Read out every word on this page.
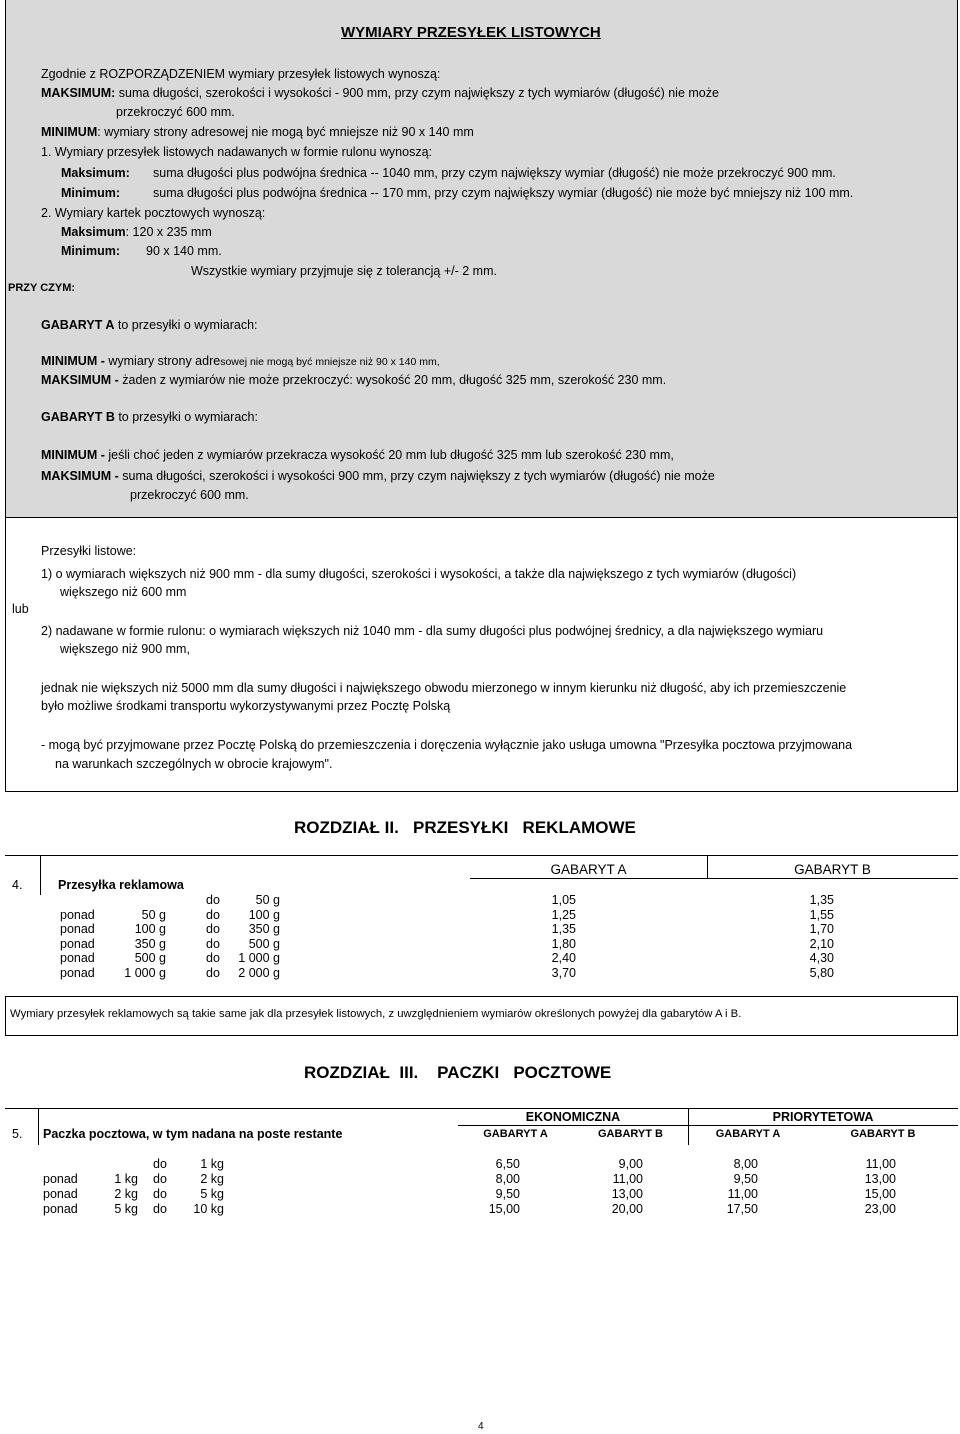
WYMIARY PRZESYŁEK LISTOWYCH
Zgodnie z ROZPORZĄDZENIEM wymiary przesyłek listowych wynoszą:
MAKSIMUM: suma długości, szerokości i wysokości - 900 mm, przy czym największy z tych wymiarów (długość) nie może
przekroczyć 600 mm.
MINIMUM: wymiary strony adresowej nie mogą być mniejsze niż 90 x 140 mm
1. Wymiary przesyłek listowych nadawanych w formie rulonu wynoszą:
Maksimum: suma długości plus podwójna średnica -- 1040 mm, przy czym największy wymiar (długość) nie może przekroczyć 900 mm.
Minimum:	suma długości plus podwójna średnica -- 170 mm, przy czym największy wymiar (długość) nie może być mniejszy niż 100 mm.
2. Wymiary kartek pocztowych wynoszą:
Maksimum: 120 x 235 mm
Minimum: 90 x 140 mm.
Wszystkie wymiary przyjmuje się z tolerancją +/- 2 mm.
PRZY CZYM:
GABARYT A to przesyłki o wymiarach:
MINIMUM - wymiary strony adresowej nie mogą być mniejsze niż 90 x 140 mm,
MAKSIMUM - żaden z wymiarów nie może przekroczyć: wysokość 20 mm, długość 325 mm, szerokość 230 mm.
GABARYT B to przesyłki o wymiarach:
MINIMUM - jeśli choć jeden z wymiarów przekracza wysokość 20 mm lub długość 325 mm lub szerokość 230 mm,
MAKSIMUM - suma długości, szerokości i wysokości 900 mm, przy czym największy z tych wymiarów (długość) nie może
przekroczyć 600 mm.
Przesyłki listowe:
1) o wymiarach większych niż 900 mm - dla sumy długości, szerokości i wysokości, a także dla największego z tych wymiarów (długości)
większego niż 600 mm
lub
2) nadawane w formie rulonu: o wymiarach większych niż 1040 mm - dla sumy długości plus podwójnej średnicy, a dla największego wymiaru
większego niż 900 mm,
jednak nie większych niż 5000 mm dla sumy długości i największego obwodu mierzonego w innym kierunku niż długość, aby ich przemieszczenie
było możliwe środkami transportu wykorzystywanymi przez Pocztę Polską
- mogą być przyjmowane przez Pocztę Polską do przemieszczenia i doręczenia wyłącznie jako usługa umowna "Przesyłka pocztowa przyjmowana
na warunkach szczególnych w obrocie krajowym".
ROZDZIAŁ II.   PRZESYŁKI   REKLAMOWE
4.	Przesyłka reklamowa
GABARYT A	GABARYT B
do	50 g	1,05	1,35
ponad	50 g	do	100 g	1,25	1,55
ponad	100 g	do	350 g	1,35	1,70
ponad	350 g	do	500 g	1,80	2,10
ponad	500 g	do	1 000 g	2,40	4,30
ponad	1 000 g	do	2 000 g	3,70	5,80
Wymiary przesyłek reklamowych są takie same jak dla przesyłek listowych, z uwzględnieniem wymiarów określonych powyżej dla gabarytów A i B.
ROZDZIAŁ  III.    PACZKI   POCZTOWE
5. Paczka pocztowa, w tym nadana na poste restante
EKONOMICZNA	PRIORYTETOWA
GABARYT A	GABARYT B	GABARYT A	GABARYT B
do	1 kg	6,50	9,00	8,00	11,00
ponad	1 kg do	2 kg	8,00	11,00	9,50	13,00
ponad	2 kg do	5 kg	9,50	13,00	11,00	15,00
ponad	5 kg do	10 kg	15,00	20,00	17,50	23,00
4
